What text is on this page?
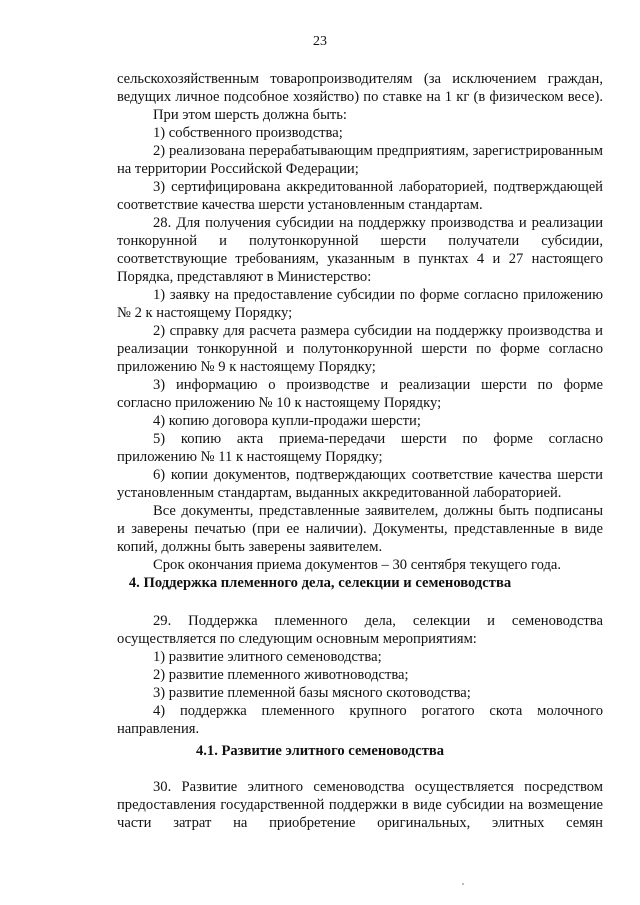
23
сельскохозяйственным товаропроизводителям (за исключением граждан,
ведущих личное подсобное хозяйство) по ставке на 1 кг (в физическом весе).
При этом шерсть должна быть:
1) собственного производства;
2) реализована перерабатывающим предприятиям, зарегистрированным
на территории Российской Федерации;
3) сертифицирована аккредитованной лабораторией, подтверждающей
соответствие качества шерсти установленным стандартам.
28. Для получения субсидии на поддержку производства и реализации
тонкорунной и полутонкорунной шерсти получатели субсидии,
соответствующие требованиям, указанным в пунктах 4 и 27 настоящего
Порядка, представляют в Министерство:
1) заявку на предоставление субсидии по форме согласно приложению
№ 2 к настоящему Порядку;
2) справку для расчета размера субсидии на поддержку производства и
реализации тонкорунной и полутонкорунной шерсти по форме согласно
приложению № 9 к настоящему Порядку;
3) информацию о производстве и реализации шерсти по форме
согласно приложению № 10 к настоящему Порядку;
4) копию договора купли-продажи шерсти;
5) копию акта приема-передачи шерсти по форме согласно
приложению № 11 к настоящему Порядку;
6) копии документов, подтверждающих соответствие качества шерсти
установленным стандартам, выданных аккредитованной лабораторией.
Все документы, представленные заявителем, должны быть подписаны
и заверены печатью (при ее наличии). Документы, представленные в виде
копий, должны быть заверены заявителем.
Срок окончания приема документов – 30 сентября текущего года.
29. Поддержка племенного дела, селекции и семеноводства
осуществляется по следующим основным мероприятиям:
1) развитие элитного семеноводства;
2) развитие племенного животноводства;
3) развитие племенной базы мясного скотоводства;
4) поддержка племенного крупного рогатого скота молочного
направления.
30. Развитие элитного семеноводства осуществляется посредством
предоставления государственной поддержки в виде субсидии на возмещение
части затрат на приобретение оригинальных, элитных семян
4. Поддержка племенного дела, селекции и семеноводства
4.1. Развитие элитного семеноводства
